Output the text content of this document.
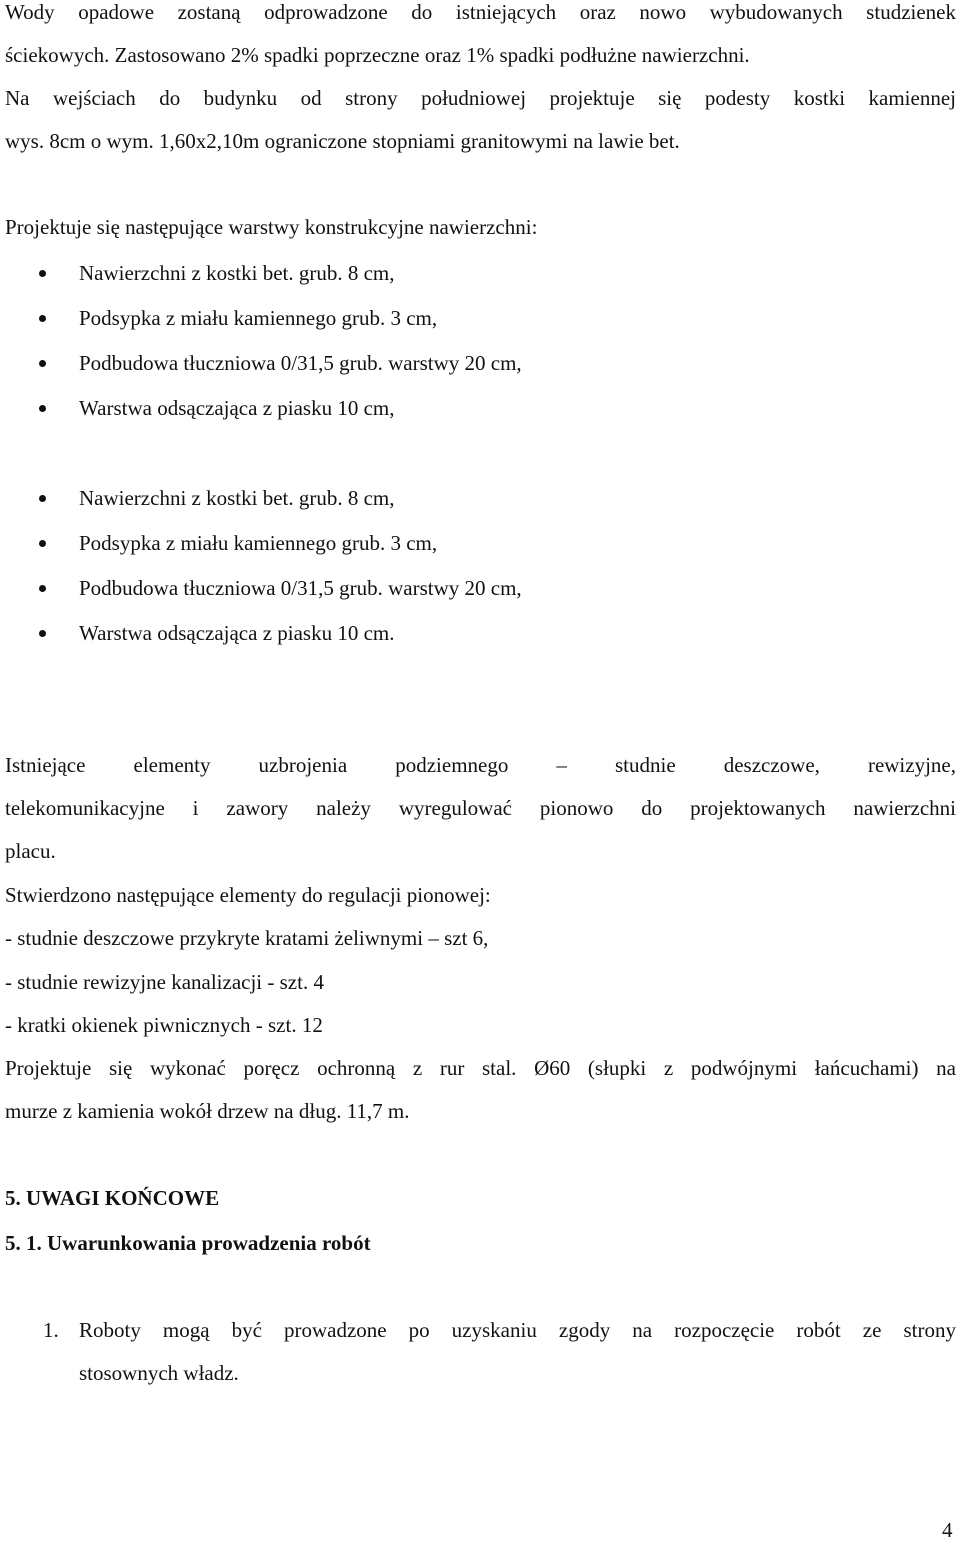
Wody opadowe zostaną odprowadzone do istniejących oraz nowo wybudowanych studzienek
ściekowych. Zastosowano 2% spadki poprzeczne oraz 1% spadki podłużne nawierzchni.
Na wejściach do budynku od strony południowej projektuje się podesty kostki kamiennej
wys. 8cm o wym. 1,60x2,10m ograniczone stopniami granitowymi na lawie bet.
Projektuje się następujące warstwy konstrukcyjne nawierzchni:
Nawierzchni z kostki bet. grub. 8 cm,
Podsypka z miału kamiennego grub. 3 cm,
Podbudowa tłuczniowa 0/31,5 grub. warstwy 20 cm,
Warstwa odsączająca z piasku 10 cm,
Nawierzchni z kostki bet. grub. 8 cm,
Podsypka z miału kamiennego grub. 3 cm,
Podbudowa tłuczniowa 0/31,5 grub. warstwy 20 cm,
Warstwa odsączająca z piasku 10 cm.
Istniejące elementy uzbrojenia podziemnego – studnie deszczowe, rewizyjne,
telekomunikacyjne i zawory należy wyregulować pionowo do projektowanych nawierzchni
placu.
Stwierdzono następujące elementy do regulacji pionowej:
- studnie deszczowe przykryte kratami żeliwnymi – szt 6,
- studnie rewizyjne kanalizacji - szt. 4
- kratki okienek piwnicznych - szt. 12
Projektuje się wykonać poręcz ochronną z rur stal. Ø60 (słupki z podwójnymi łańcuchami) na
murze z kamienia wokół drzew na dług. 11,7 m.
5. UWAGI KOŃCOWE
5. 1. Uwarunkowania prowadzenia robót
1. Roboty mogą być prowadzone po uzyskaniu zgody na rozpoczęcie robót ze strony
stosownych władz.
4
